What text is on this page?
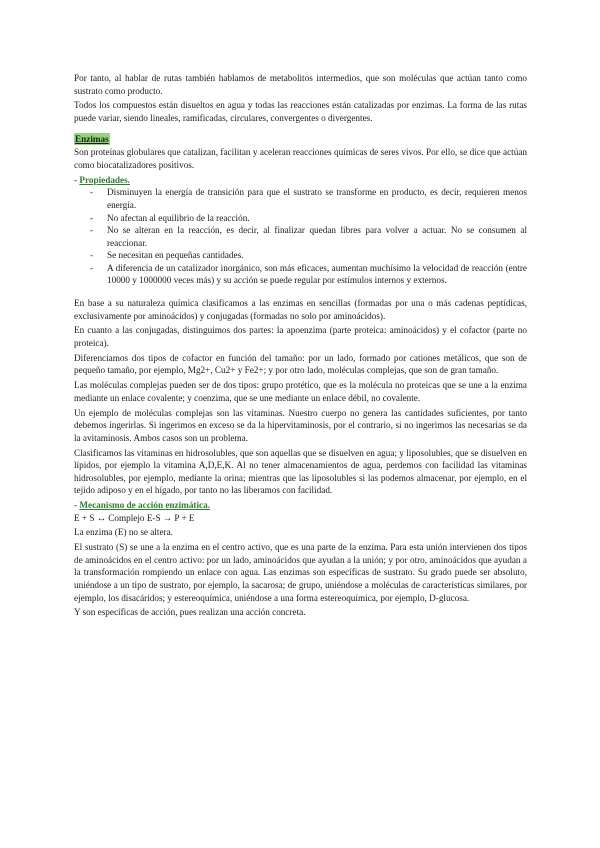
Por tanto, al hablar de rutas también hablamos de metabolitos intermedios, que son moléculas que actúan tanto como sustrato como producto.

Todos los compuestos están disueltos en agua y todas las reacciones están catalizadas por enzimas. La forma de las rutas puede variar, siendo lineales, ramificadas, circulares, convergentes o divergentes.

Enzimas

Son proteínas globulares que catalizan, facilitan y aceleran reacciones químicas de seres vivos. Por ello, se dice que actúan como biocatalizadores positivos.

- Propiedades.

- Disminuyen la energía de transición para que el sustrato se transforme en producto, es decir, requieren menos energía.
- No afectan al equilibrio de la reacción.
- No se alteran en la reacción, es decir, al finalizar quedan libres para volver a actuar. No se consumen al reaccionar.
- Se necesitan en pequeñas cantidades.
- A diferencia de un catalizador inorgánico, son más eficaces, aumentan muchísimo la velocidad de reacción (entre 10000 y 1000000 veces más) y su acción se puede regular por estímulos internos y externos.

En base a su naturaleza química clasificamos a las enzimas en sencillas (formadas por una o más cadenas peptídicas, exclusivamente por aminoácidos) y conjugadas (formadas no solo por aminoácidos).

En cuanto a las conjugadas, distinguimos dos partes: la apoenzima (parte proteica: aminoácidos) y el cofactor (parte no proteica).

Diferenciamos dos tipos de cofactor en función del tamaño: por un lado, formado por cationes metálicos, que son de pequeño tamaño, por ejemplo, Mg2+, Cu2+ y Fe2+; y por otro lado, moléculas complejas, que son de gran tamaño.

Las moléculas complejas pueden ser de dos tipos: grupo protético, que es la molécula no proteicas que se une a la enzima mediante un enlace covalente; y coenzima, que se une mediante un enlace débil, no covalente.

Un ejemplo de moléculas complejas son las vitaminas. Nuestro cuerpo no genera las cantidades suficientes, por tanto debemos ingerirlas. Si ingerimos en exceso se da la hipervitaminosis, por el contrario, si no ingerimos las necesarias se da la avitaminosis. Ambos casos son un problema.

Clasificamos las vitaminas en hidrosolubles, que son aquellas que se disuelven en agua; y liposolubles, que se disuelven en lípidos, por ejemplo la vitamina A,D,E,K. Al no tener almacenamientos de agua, perdemos con facilidad las vitaminas hidrosolubles, por ejemplo, mediante la orina; mientras que las liposolubles si las podemos almacenar, por ejemplo, en el tejido adiposo y en el hígado, por tanto no las liberamos con facilidad.

- Mecanismo de acción enzimática.

E + S ↔ Complejo E-S → P + E

La enzima (E) no se altera.

El sustrato (S) se une a la enzima en el centro activo, que es una parte de la enzima. Para esta unión intervienen dos tipos de aminoácidos en el centro activo: por un lado, aminoácidos que ayudan a la unión; y por otro, aminoácidos que ayudan a la transformación rompiendo un enlace con agua. Las enzimas son específicas de sustrato. Su grado puede ser absoluto, uniéndose a un tipo de sustrato, por ejemplo, la sacarosa; de grupo, uniéndose a moléculas de características similares, por ejemplo, los disacáridos; y estereoquímica, uniéndose a una forma estereoquímica, por ejemplo, D-glucosa.

Y son específicas de acción, pues realizan una acción concreta.
